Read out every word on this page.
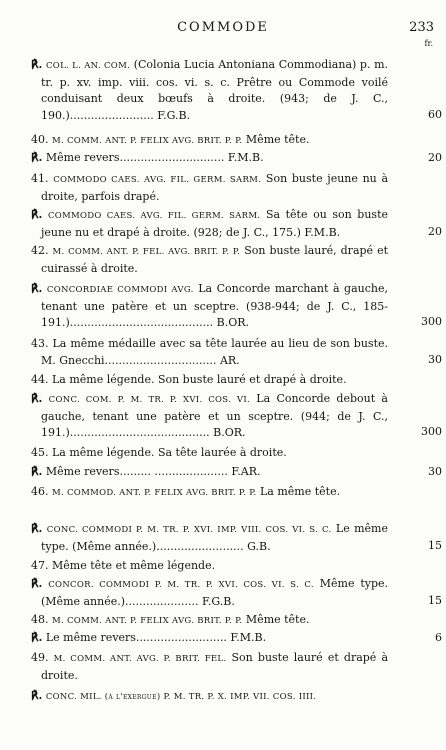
COMMODE	233
fr.
℟. COL. L. AN. COM. (Colonia Lucia Antoniana Commodiana) p. m. tr. p. xv. imp. viii. cos. vi. s. c. Prêtre ou Commode voilé conduisant deux bœufs à droite. (943; de J. C., 190.)........................ F.G.B.	60
40. M. COMM. ANT. P. FELIX AVG. BRIT. P. P. Même tête.
℟. Même revers.............................. F.M.B.	20
41. COMMODO CAES. AVG. FIL. GERM. SARM. Son buste jeune nu à droite, parfois drapé.
℟. COMMODO CAES. AVG. FIL. GERM. SARM. Sa tête ou son buste jeune nu et drapé à droite. (928; de J. C., 175.) F.M.B.	20
42. M. COMM. ANT. P. FEL. AVG. BRIT. P. P. Son buste lauré, drapé et cuirassé à droite.
℟. CONCORDIAE COMMODI AVG. La Concorde marchant à gauche, tenant une patère et un sceptre. (938-944; de J. C., 185-191.)......................................... B.OR.	300
43. La même médaille avec sa tête laurée au lieu de son buste. M. Gnecchi................................ AR.	30
44. La même légende. Son buste lauré et drapé à droite.
℟. CONC. COM. P. M. TR. P. XVI. COS. VI. La Concorde debout à gauche, tenant une patère et un sceptre. (944; de J. C., 191.)........................................ B.OR.	300
45. La même légende. Sa tête laurée à droite.
℟. Même revers......... ..................... F.AR.	30
46. M. COMMOD. ANT. P. FELIX AVG. BRIT. P. P. La même tête.
℟. CONC. COMMODI P. M. TR. P. XVI. IMP. VIII. COS. VI. S. C. Le même type. (Même année.)......................... G.B.	15
47. Même tête et même légende.
℟. CONCOR. COMMODI P. M. TR. P. XVI. COS. VI. S. C. Même type. (Même année.)..................... F.G.B.	15
48. M. COMM. ANT. P. FELIX AVG. BRIT. P. P. Même tête.
℟. Le même revers.......................... F.M.B.	6
49. M. COMM. ANT. AVG. P. BRIT. FEL. Son buste lauré et drapé à droite.
℟. CONC. MIL. (à l'exergue) P. M. TR. P. X. IMP. VII. COS. IIII.
